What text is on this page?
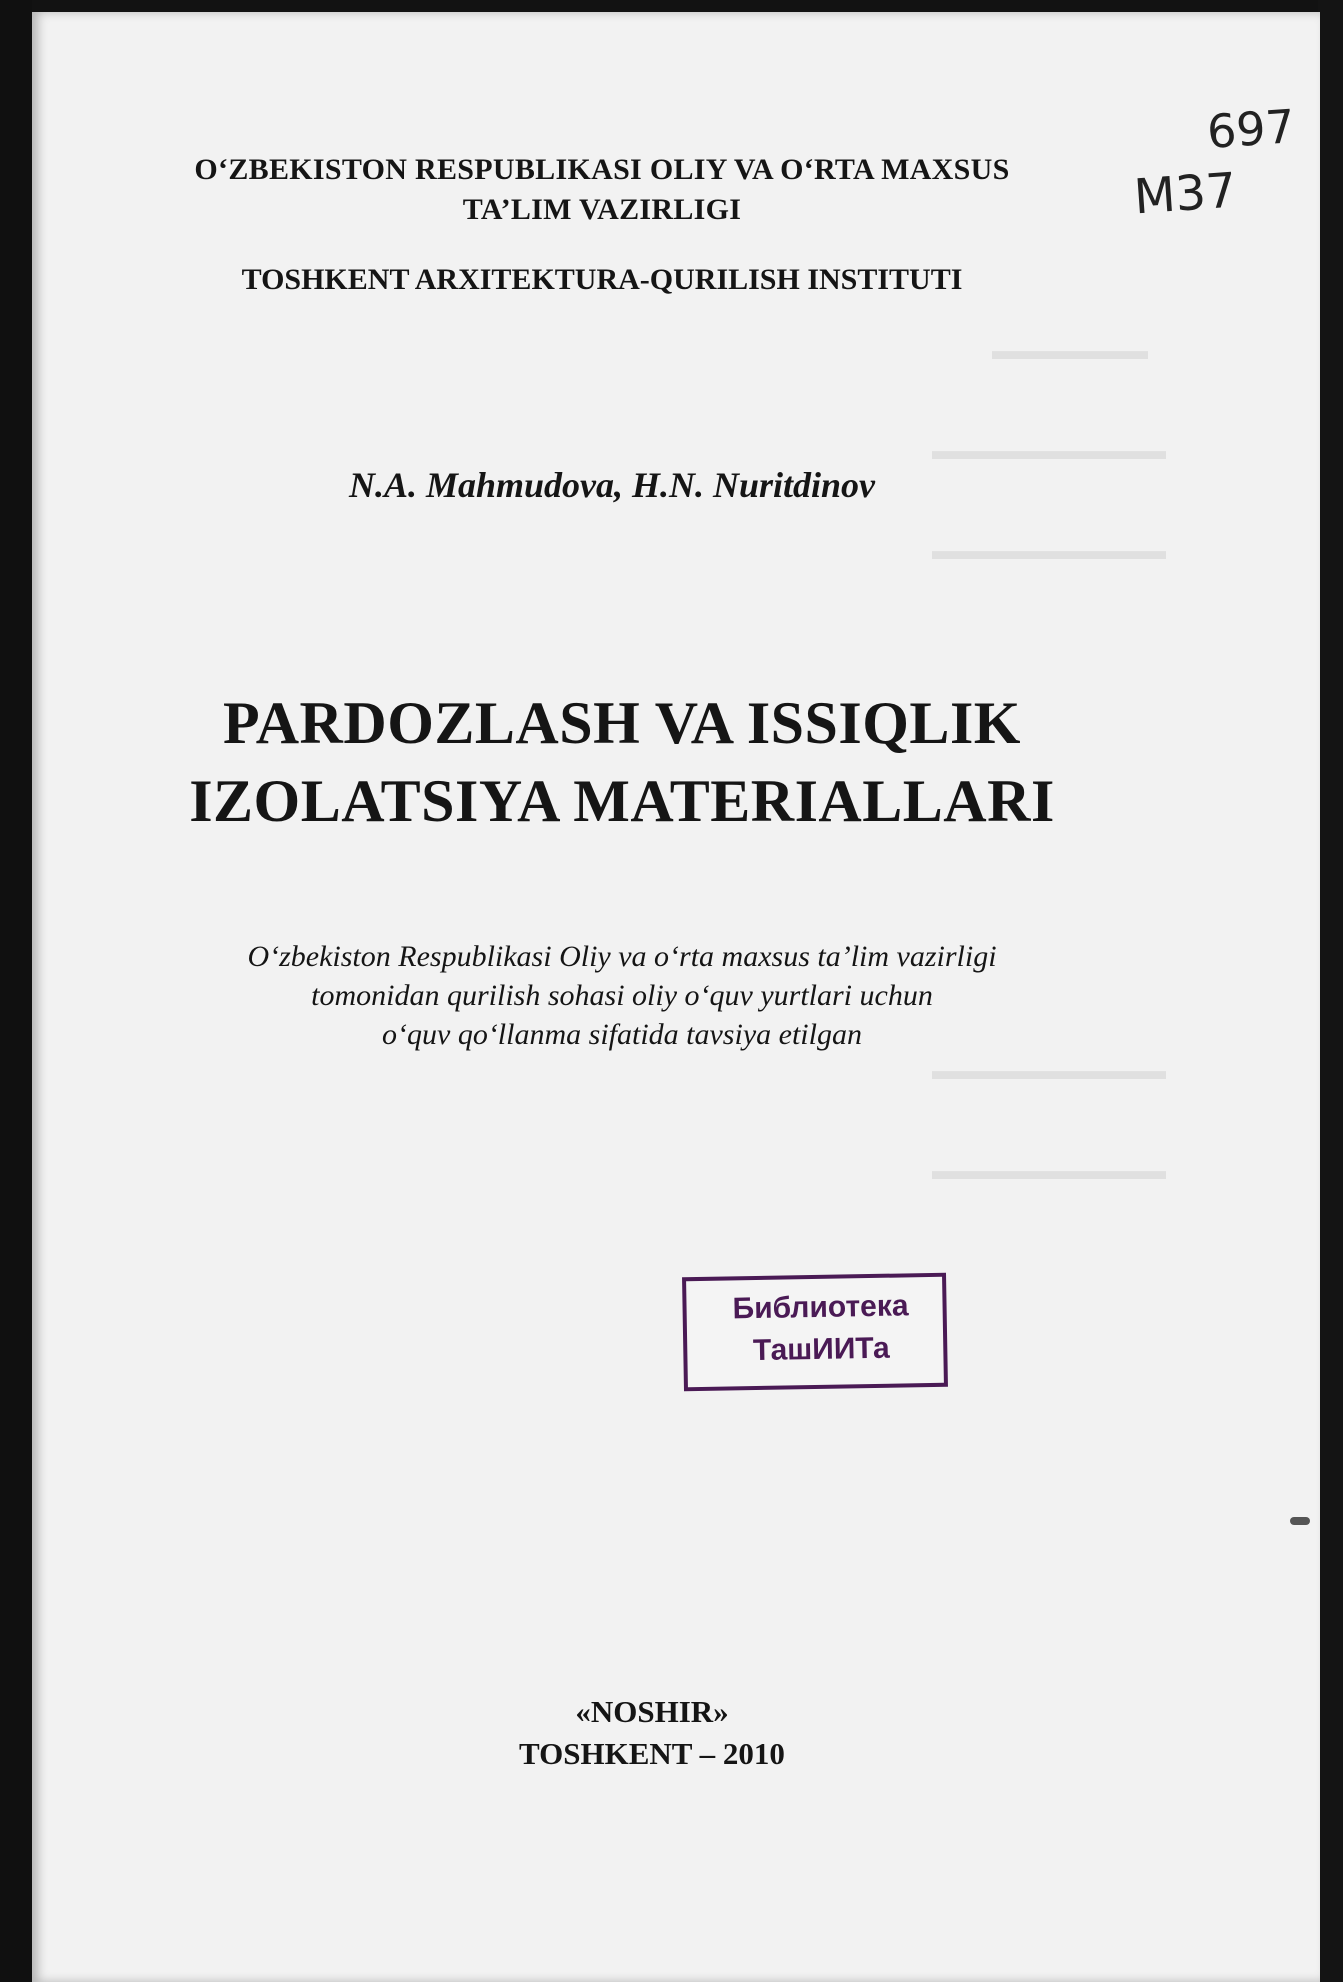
▬▬▬▬▬▬
▬▬▬▬▬▬▬▬▬
▬▬▬▬▬▬▬▬▬
▬▬▬▬▬▬▬▬▬
▬▬▬▬▬▬▬▬▬
O‘ZBEKISTON RESPUBLIKASI OLIY VA O‘RTA MAXSUS
TA’LIM VAZIRLIGI
TOSHKENT ARXITEKTURA-QURILISH INSTITUTI
697
M37
N.A. Mahmudova, H.N. Nuritdinov
PARDOZLASH VA ISSIQLIK
IZOLATSIYA MATERIALLARI
O‘zbekiston Respublikasi Oliy va o‘rta maxsus ta’lim vazirligi
tomonidan qurilish sohasi oliy o‘quv yurtlari uchun
o‘quv qo‘llanma sifatida tavsiya etilgan
Библиотека
ТашИИТа
«NOSHIR»
TOSHKENT – 2010
